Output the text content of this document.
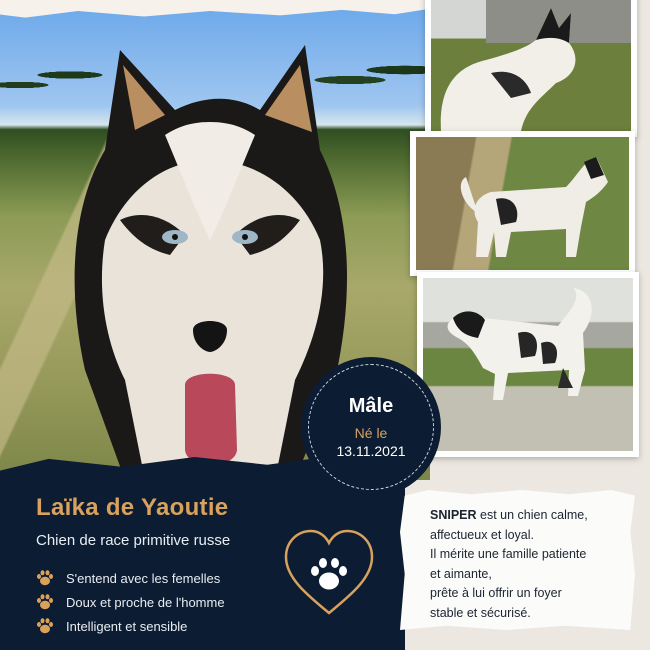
Laïka de Yaoutie
Chien de race primitive russe
S'entend avec les femelles
Doux et proche de l'homme
Intelligent et sensible
Mâle
Né le
13.11.2021

SNIPER est un chien calme,
affectueux et loyal.
Il mérite une famille patiente
et aimante,
prête à lui offrir un foyer
stable et sécurisé.
